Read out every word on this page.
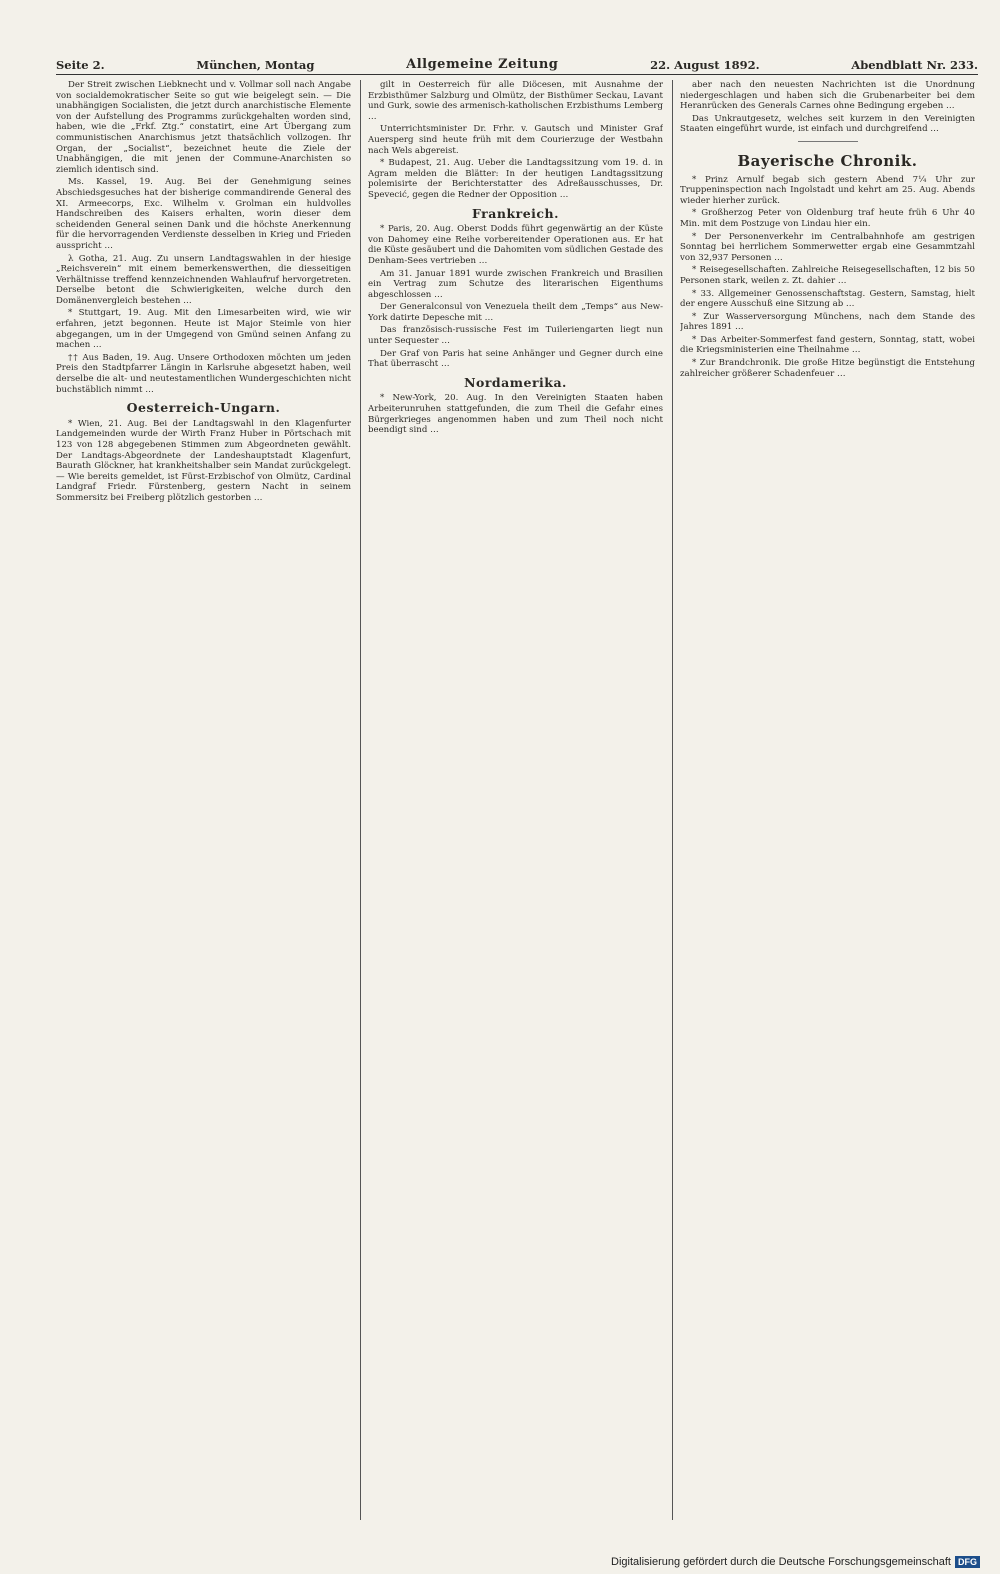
Seite 2.	München, Montag	Allgemeine Zeitung	22. August 1892.	Abendblatt Nr. 233.

Der Streit zwischen Liebknecht und v. Vollmar soll nach Angabe von socialdemokratischer Seite so gut wie beigelegt sein. — Die unabhängigen Socialisten, die jetzt durch anarchistische Elemente von der Aufstellung des Programms zurückgehalten worden sind, haben, wie die „Frkf. Ztg.“ constatirt, eine Art Übergang zum communistischen Anarchismus jetzt thatsächlich vollzogen. Ihr Organ, der „Socialist“, bezeichnet heute die Ziele der Unabhängigen, die mit jenen der Commune-Anarchisten so ziemlich identisch sind.

Ms. Kassel, 19. Aug. Bei der Genehmigung seines Abschiedsgesuches hat der bisherige commandirende General des XI. Armeecorps, Exc. Wilhelm v. Grolman ein huldvolles Handschreiben des Kaisers erhalten, worin dieser dem scheidenden General seinen Dank und die höchste Anerkennung für die hervorragenden Verdienste desselben in Krieg und Frieden ausspricht …

λ Gotha, 21. Aug. Zu unsern Landtagswahlen in der hiesige „Reichsverein“ mit einem bemerkenswerthen, die diesseitigen Verhältnisse treffend kennzeichnenden Wahlaufruf hervorgetreten. Derselbe betont die Schwierigkeiten, welche durch den Domänenvergleich bestehen …

* Stuttgart, 19. Aug. Mit den Limesarbeiten wird, wie wir erfahren, jetzt begonnen. Heute ist Major Steimle von hier abgegangen, um in der Umgegend von Gmünd seinen Anfang zu machen …

†† Aus Baden, 19. Aug. Unsere Orthodoxen möchten um jeden Preis den Stadtpfarrer Längin in Karlsruhe abgesetzt haben, weil derselbe die alt- und neutestamentlichen Wundergeschichten nicht buchstäblich nimmt …

Oesterreich-Ungarn.

* Wien, 21. Aug. Bei der Landtagswahl in den Klagenfurter Landgemeinden wurde der Wirth Franz Huber in Pörtschach mit 123 von 128 abgegebenen Stimmen zum Abgeordneten gewählt. Der Landtags-Abgeordnete der Landeshauptstadt Klagenfurt, Baurath Glöckner, hat krankheitshalber sein Mandat zurückgelegt. — Wie bereits gemeldet, ist Fürst-Erzbischof von Olmütz, Cardinal Landgraf Friedr. Fürstenberg, gestern Nacht in seinem Sommersitz bei Freiberg plötzlich gestorben …

gilt in Oesterreich für alle Diöcesen, mit Ausnahme der Erzbisthümer Salzburg und Olmütz, der Bisthümer Seckau, Lavant und Gurk, sowie des armenisch-katholischen Erzbisthums Lemberg …

Unterrichtsminister Dr. Frhr. v. Gautsch und Minister Graf Auersperg sind heute früh mit dem Courierzuge der Westbahn nach Wels abgereist.

* Budapest, 21. Aug. Ueber die Landtagssitzung vom 19. d. in Agram melden die Blätter: In der heutigen Landtagssitzung polemisirte der Berichterstatter des Adreßausschusses, Dr. Spevecić, gegen die Redner der Opposition …

Frankreich.

* Paris, 20. Aug. Oberst Dodds führt gegenwärtig an der Küste von Dahomey eine Reihe vorbereitender Operationen aus. Er hat die Küste gesäubert und die Dahomiten vom südlichen Gestade des Denham-Sees vertrieben …

Am 31. Januar 1891 wurde zwischen Frankreich und Brasilien ein Vertrag zum Schutze des literarischen Eigenthums abgeschlossen …

Der Generalconsul von Venezuela theilt dem „Temps“ aus New-York datirte Depesche mit …

Das französisch-russische Fest im Tuileriengarten liegt nun unter Sequester …

Der Graf von Paris hat seine Anhänger und Gegner durch eine That überrascht …

Nordamerika.

* New-York, 20. Aug. In den Vereinigten Staaten haben Arbeiterunruhen stattgefunden, die zum Theil die Gefahr eines Bürgerkrieges angenommen haben und zum Theil noch nicht beendigt sind …

aber nach den neuesten Nachrichten ist die Unordnung niedergeschlagen und haben sich die Grubenarbeiter bei dem Heranrücken des Generals Carnes ohne Bedingung ergeben …

Das Unkrautgesetz, welches seit kurzem in den Vereinigten Staaten eingeführt wurde, ist einfach und durchgreifend …

Bayerische Chronik.

* Prinz Arnulf begab sich gestern Abend 7¼ Uhr zur Truppeninspection nach Ingolstadt und kehrt am 25. Aug. Abends wieder hierher zurück.

* Großherzog Peter von Oldenburg traf heute früh 6 Uhr 40 Min. mit dem Postzuge von Lindau hier ein.

* Der Personenverkehr im Centralbahnhofe am gestrigen Sonntag bei herrlichem Sommerwetter ergab eine Gesammtzahl von 32,937 Personen …

* Reisegesellschaften. Zahlreiche Reisegesellschaften, 12 bis 50 Personen stark, weilen z. Zt. dahier …

* 33. Allgemeiner Genossenschaftstag. Gestern, Samstag, hielt der engere Ausschuß eine Sitzung ab …

* Zur Wasserversorgung Münchens, nach dem Stande des Jahres 1891 …

* Das Arbeiter-Sommerfest fand gestern, Sonntag, statt, wobei die Kriegsministerien eine Theilnahme …

* Zur Brandchronik. Die große Hitze begünstigt die Entstehung zahlreicher größerer Schadenfeuer …

Digitalisierung gefördert durch die Deutsche Forschungsgemeinschaft DFG
